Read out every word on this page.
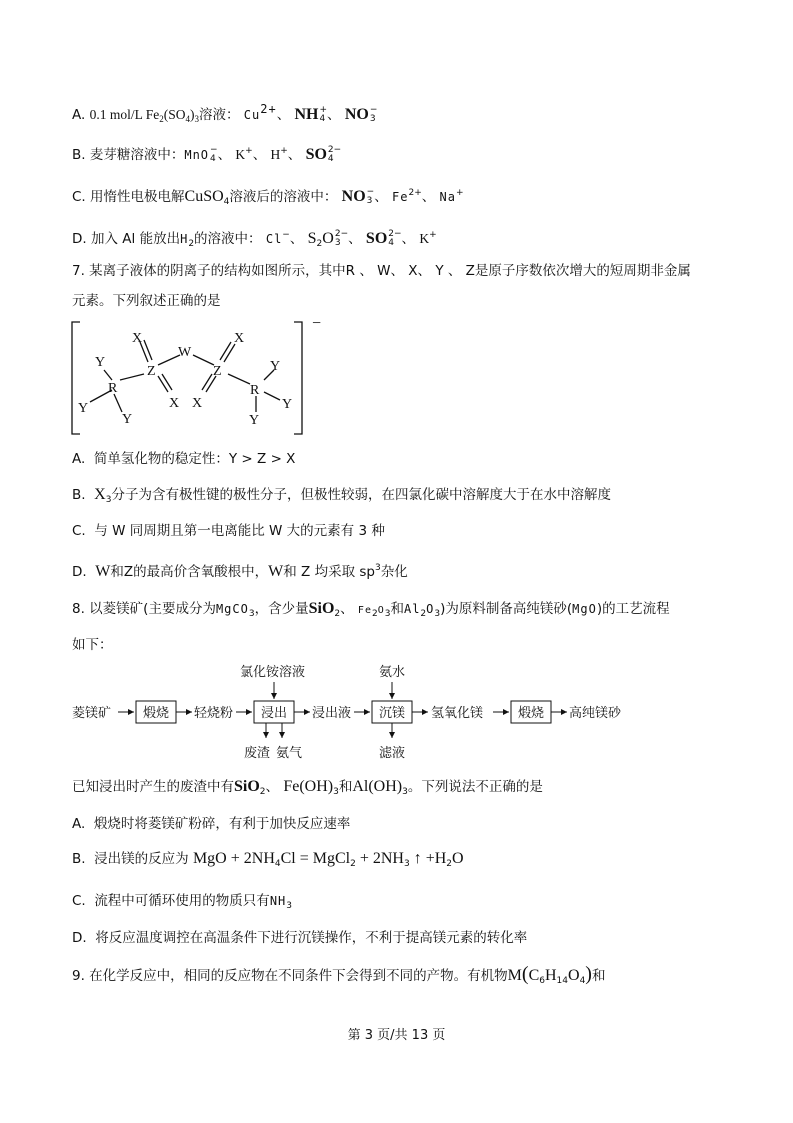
A. 0.1 mol/L $Fe_2(SO_4)_3$溶液： $Cu^{2+}$、 NH +
4 、 NO −
3
B. 麦芽糖溶液中：MnO −
4 、 K+、 H+、 SO 2−
4
C. 用惰性电极电解CuSO$_4$溶液后的溶液中： NO −
3 、 $Fe^{2+}$、 Na+
D. 加入 Al 能放出$H_2$的溶液中： Cl−、 $S_2O$ 2−
3 、 SO 2−
4 、 K+
7. 某离子液体的阴离子的结构如图所示，其中R 、 W、 X、 Y 、 Z是原子序数依次增大的短周期非金属
元素。下列叙述正确的是
−
Y
R
Y
Y
X
Z
X
W
X
Z
X
R
Y
Y
Y
A. 简单氢化物的稳定性：Y > Z > X
B. $X_3$分子为含有极性键的极性分子，但极性较弱，在四氯化碳中溶解度大于在水中溶解度
C. 与 W 同周期且第一电离能比 W 大的元素有 3 种
D. W和Z的最高价含氧酸根中，W和 Z 均采取 $sp^3$杂化
8. 以菱镁矿(主要成分为MgCO$_3$，含少量SiO$_2$、 $Fe_2O_3$和$Al_2O_3$)为原料制备高纯镁砂(MgO)的工艺流程
如下：
菱镁矿 煅烧 轻烧粉 浸出 浸出液 沉镁 氢氧化镁	煅烧 高纯镁砂
氯化铵溶液	氨水
废渣 氨气	滤液
已知浸出时产生的废渣中有SiO$_2$、 $Fe(OH)_3$和$Al(OH)_3$。下列说法不正确的是
A. 煅烧时将菱镁矿粉碎，有利于加快反应速率
B. 浸出镁的反应为 MgO + $2NH_4Cl$ = MgCl$_2$ + $2NH_3$ ↑ $+H_2O$
C. 流程中可循环使用的物质只有$NH_3$
D. 将反应温度调控在高温条件下进行沉镁操作，不利于提高镁元素的转化率
9. 在化学反应中，相同的反应物在不同条件下会得到不同的产物。有机物$M(C_6H_{14}O_4)$和
第 3 页/共 13 页
